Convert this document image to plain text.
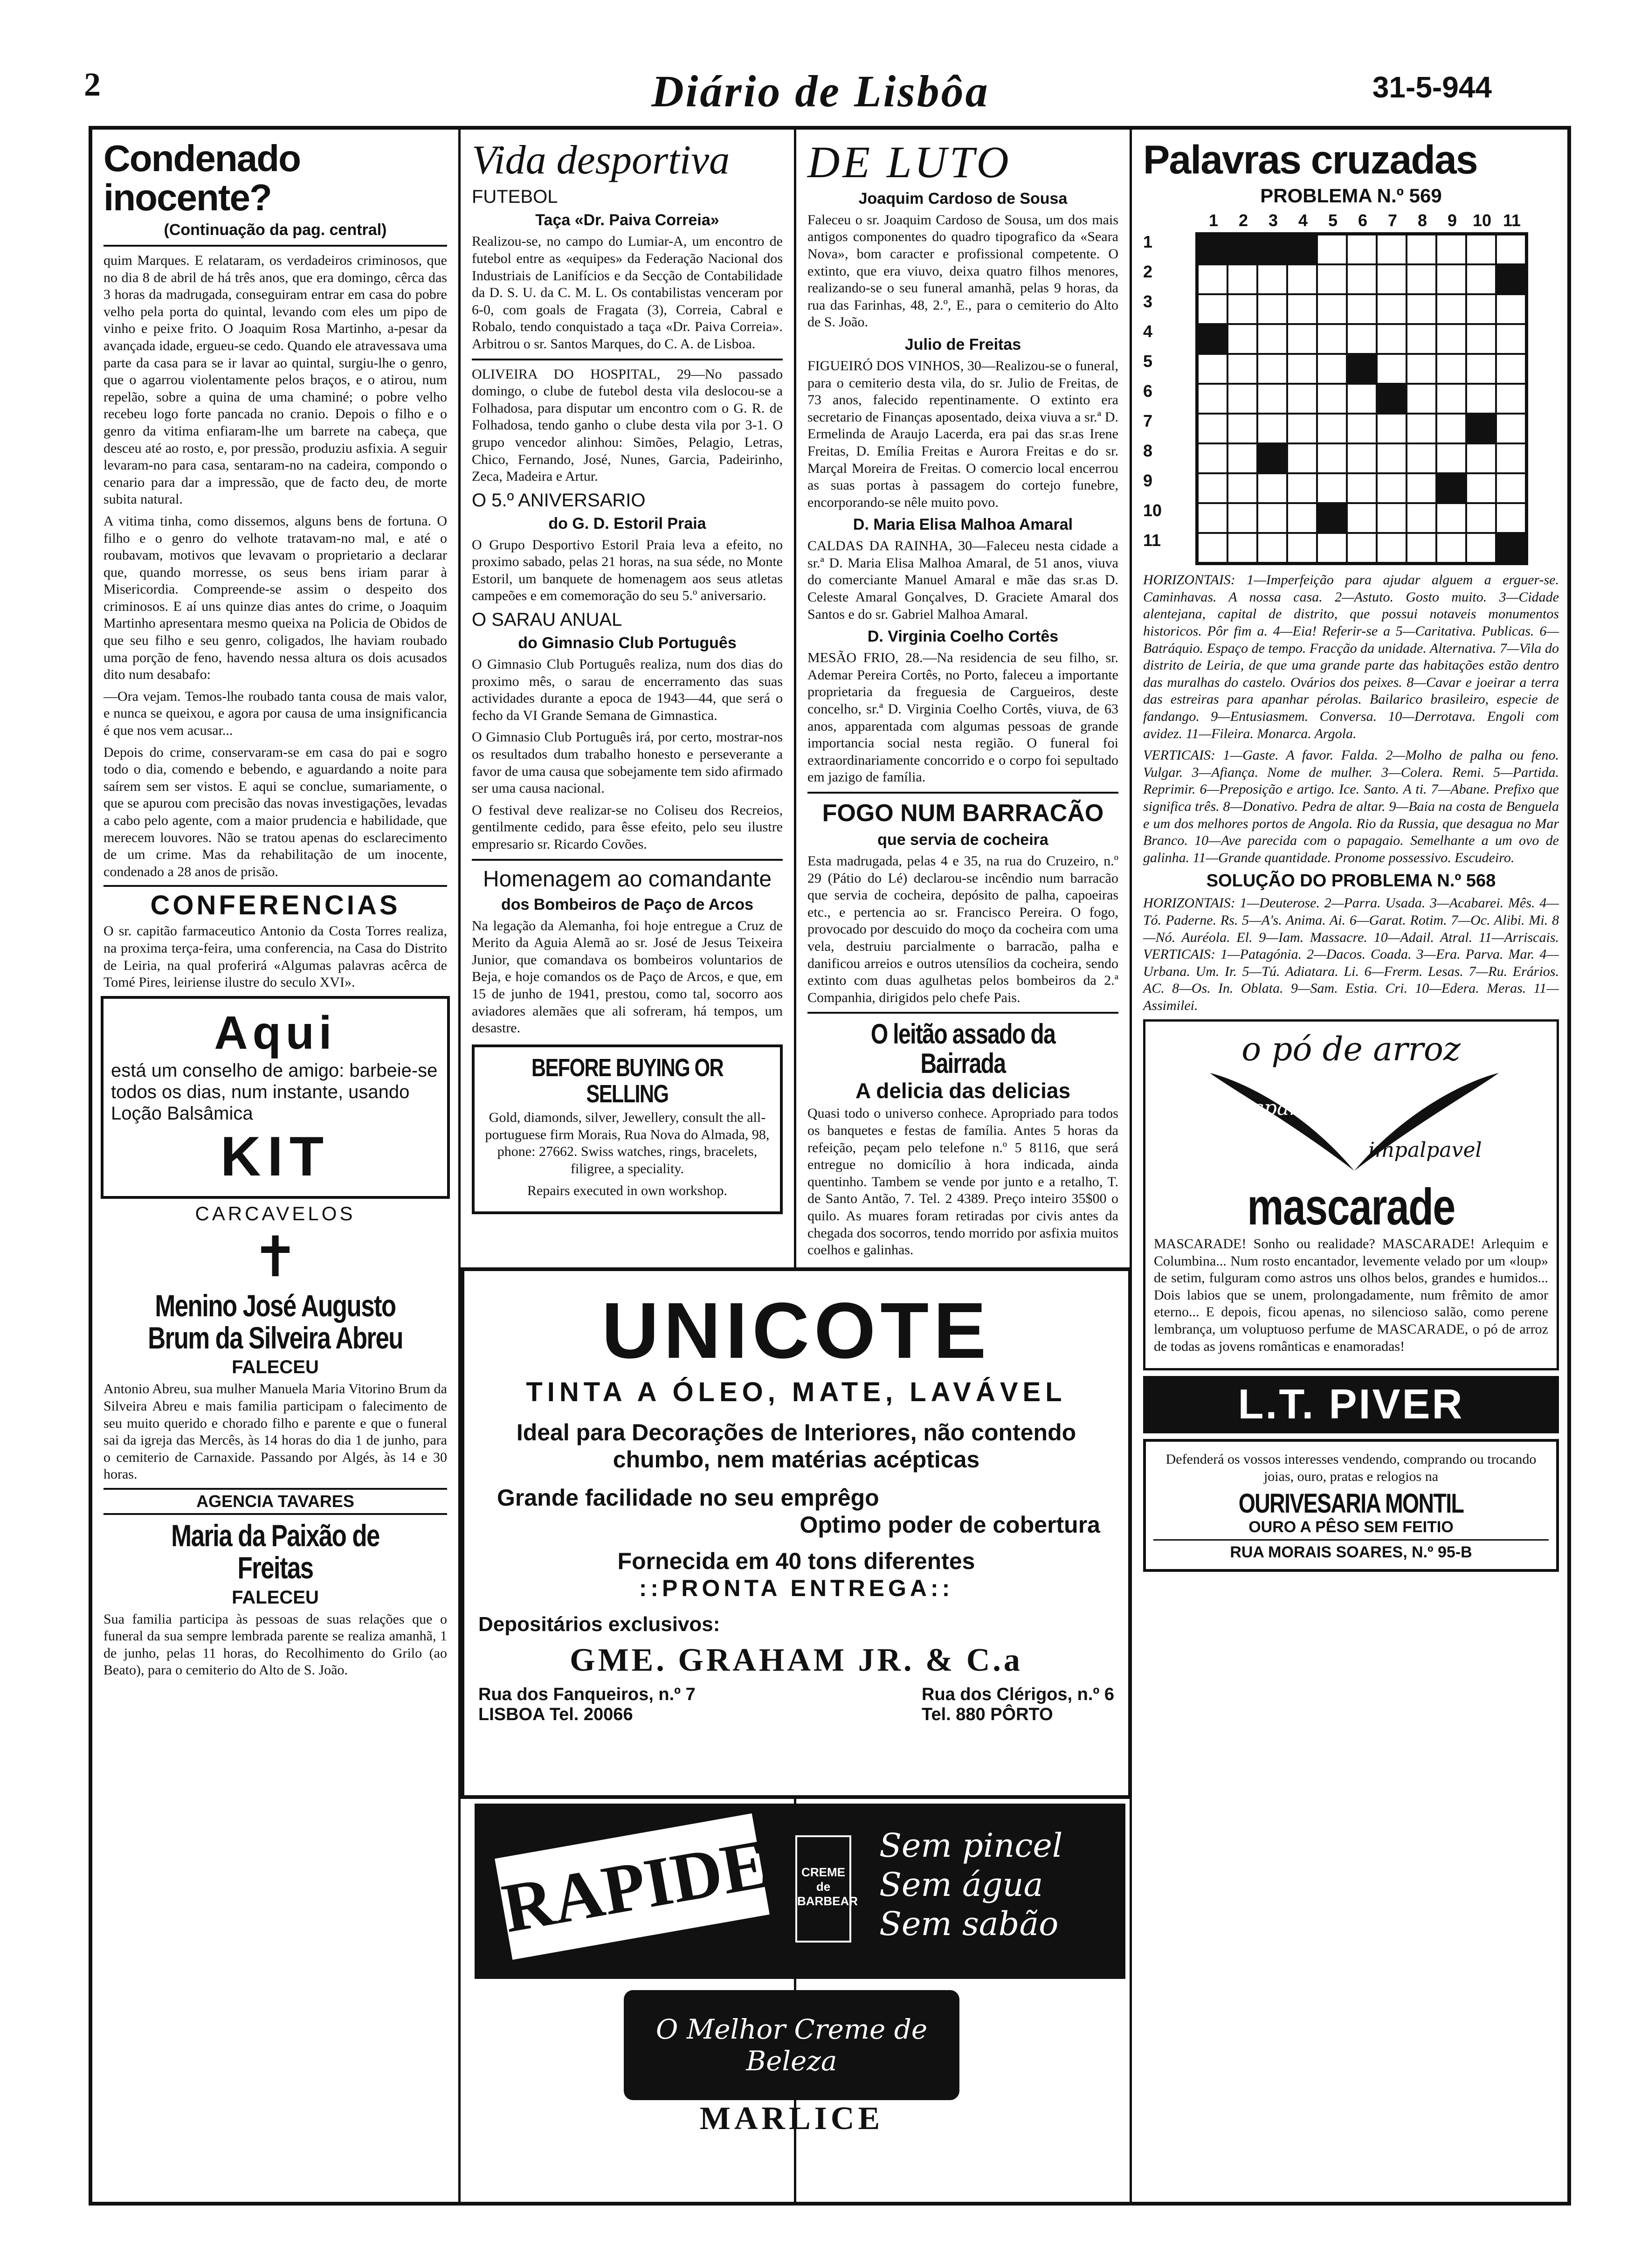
2	Diário de Lisbôa	31-5-944
Condenado inocente?
(Continuação da pag. central)

quim Marques. E relataram, os verdadeiros criminosos, que no dia 8 de abril de há três anos, que era domingo, cêrca das 3 horas da madrugada, conseguiram entrar em casa do pobre velho pela porta do quintal, levando com eles um pipo de vinho e peixe frito. O Joaquim Rosa Martinho, a-pesar da avançada idade, ergueu-se cedo. Quando ele atravessava uma parte da casa para se ir lavar ao quintal, surgiu-lhe o genro, que o agarrou violentamente pelos braços, e o atirou, num repelão, sobre a quina de uma chaminé; o pobre velho recebeu logo forte pancada no cranio. Depois o filho e o genro da vitima enfiaram-lhe um barrete na cabeça, que desceu até ao rosto, e, por pressão, produziu asfixia. A seguir levaram-no para casa, sentaram-no na cadeira, compondo o cenario para dar a impressão, que de facto deu, de morte subita natural.

A vitima tinha, como dissemos, alguns bens de fortuna. O filho e o genro do velhote tratavam-no mal, e até o roubavam, motivos que levavam o proprietario a declarar que, quando morresse, os seus bens iriam parar à Misericordia. Compreende-se assim o despeito dos criminosos. E aí uns quinze dias antes do crime, o Joaquim Martinho apresentara mesmo queixa na Policia de Obidos de que seu filho e seu genro, coligados, lhe haviam roubado uma porção de feno, havendo nessa altura os dois acusados dito num desabafo:

—Ora vejam. Temos-lhe roubado tanta cousa de mais valor, e nunca se queixou, e agora por causa de uma insignificancia é que nos vem acusar...

Depois do crime, conservaram-se em casa do pai e sogro todo o dia, comendo e bebendo, e aguardando a noite para saírem sem ser vistos. E aqui se conclue, sumariamente, o que se apurou com precisão das novas investigações, levadas a cabo pelo agente, com a maior prudencia e habilidade, que merecem louvores. Não se tratou apenas do esclarecimento de um crime. Mas da rehabilitação de um inocente, condenado a 28 anos de prisão.

CONFERENCIAS

O sr. capitão farmaceutico Antonio da Costa Torres realiza, na proxima terça-feira, uma conferencia, na Casa do Distrito de Leiria, na qual proferirá «Algumas palavras acêrca de Tomé Pires, leiriense ilustre do seculo XVI».

Aqui
está um conselho de amigo: barbeie-se todos os dias, num instante, usando Loção Balsâmica
KIT
CARCAVELOS
✝
Menino José Augusto Brum da Silveira Abreu
FALECEU

Antonio Abreu, sua mulher Manuela Maria Vitorino Brum da Silveira Abreu e mais familia participam o falecimento de seu muito querido e chorado filho e parente e que o funeral sai da igreja das Mercês, às 14 horas do dia 1 de junho, para o cemiterio de Carnaxide. Passando por Algés, às 14 e 30 horas.

AGENCIA TAVARES
Maria da Paixão de Freitas
FALECEU

Sua familia participa às pessoas de suas relações que o funeral da sua sempre lembrada parente se realiza amanhã, 1 de junho, pelas 11 horas, do Recolhimento do Grilo (ao Beato), para o cemiterio do Alto de S. João.

Vida desportiva
FUTEBOL
Taça «Dr. Paiva Correia»

Realizou-se, no campo do Lumiar-A, um encontro de futebol entre as «equipes» da Federação Nacional dos Industriais de Lanifícios e da Secção de Contabilidade da D. S. U. da C. M. L. Os contabilistas venceram por 6-0, com goals de Fragata (3), Correia, Cabral e Robalo, tendo conquistado a taça «Dr. Paiva Correia». Arbitrou o sr. Santos Marques, do C. A. de Lisboa.

OLIVEIRA DO HOSPITAL, 29—No passado domingo, o clube de futebol desta vila deslocou-se a Folhadosa, para disputar um encontro com o G. R. de Folhadosa, tendo ganho o clube desta vila por 3-1. O grupo vencedor alinhou: Simões, Pelagio, Letras, Chico, Fernando, José, Nunes, Garcia, Padeirinho, Zeca, Madeira e Artur.

O 5.º ANIVERSARIO
do G. D. Estoril Praia

O Grupo Desportivo Estoril Praia leva a efeito, no proximo sabado, pelas 21 horas, na sua séde, no Monte Estoril, um banquete de homenagem aos seus atletas campeões e em comemoração do seu 5.º aniversario.

O SARAU ANUAL
do Gimnasio Club Português

O Gimnasio Club Português realiza, num dos dias do proximo mês, o sarau de encerramento das suas actividades durante a epoca de 1943—44, que será o fecho da VI Grande Semana de Gimnastica.

O Gimnasio Club Português irá, por certo, mostrar-nos os resultados dum trabalho honesto e perseverante a favor de uma causa que sobejamente tem sido afirmado ser uma causa nacional.

O festival deve realizar-se no Coliseu dos Recreios, gentilmente cedido, para êsse efeito, pelo seu ilustre empresario sr. Ricardo Covões.

Homenagem ao comandante
dos Bombeiros de Paço de Arcos

Na legação da Alemanha, foi hoje entregue a Cruz de Merito da Aguia Alemã ao sr. José de Jesus Teixeira Junior, que comandava os bombeiros voluntarios de Beja, e hoje comandos os de Paço de Arcos, e que, em 15 de junho de 1941, prestou, como tal, socorro aos aviadores alemães que ali sofreram, há tempos, um desastre.

BEFORE BUYING OR SELLING

Gold, diamonds, silver, Jewellery, consult the all-portuguese firm Morais, Rua Nova do Almada, 98, phone: 27662. Swiss watches, rings, bracelets, filigree, a speciality.

Repairs executed in own workshop.

DE LUTO
Joaquim Cardoso de Sousa

Faleceu o sr. Joaquim Cardoso de Sousa, um dos mais antigos componentes do quadro tipografico da «Seara Nova», bom caracter e profissional competente. O extinto, que era viuvo, deixa quatro filhos menores, realizando-se o seu funeral amanhã, pelas 9 horas, da rua das Farinhas, 48, 2.º, E., para o cemiterio do Alto de S. João.

Julio de Freitas

FIGUEIRÓ DOS VINHOS, 30—Realizou-se o funeral, para o cemiterio desta vila, do sr. Julio de Freitas, de 73 anos, falecido repentinamente. O extinto era secretario de Finanças aposentado, deixa viuva a sr.ª D. Ermelinda de Araujo Lacerda, era pai das sr.as Irene Freitas, D. Emília Freitas e Aurora Freitas e do sr. Marçal Moreira de Freitas. O comercio local encerrou as suas portas à passagem do cortejo funebre, encorporando-se nêle muito povo.

D. Maria Elisa Malhoa Amaral

CALDAS DA RAINHA, 30—Faleceu nesta cidade a sr.ª D. Maria Elisa Malhoa Amaral, de 51 anos, viuva do comerciante Manuel Amaral e mãe das sr.as D. Celeste Amaral Gonçalves, D. Graciete Amaral dos Santos e do sr. Gabriel Malhoa Amaral.

D. Virginia Coelho Cortês

MESÃO FRIO, 28.—Na residencia de seu filho, sr. Ademar Pereira Cortês, no Porto, faleceu a importante proprietaria da freguesia de Cargueiros, deste concelho, sr.ª D. Virginia Coelho Cortês, viuva, de 63 anos, apparentada com algumas pessoas de grande importancia social nesta região. O funeral foi extraordinariamente concorrido e o corpo foi sepultado em jazigo de família.

FOGO NUM BARRACÃO
que servia de cocheira

Esta madrugada, pelas 4 e 35, na rua do Cruzeiro, n.º 29 (Pátio do Lé) declarou-se incêndio num barracão que servia de cocheira, depósito de palha, capoeiras etc., e pertencia ao sr. Francisco Pereira. O fogo, provocado por descuido do moço da cocheira com uma vela, destruiu parcialmente o barracão, palha e danificou arreios e outros utensílios da cocheira, sendo extinto com duas agulhetas pelos bombeiros da 2.ª Companhia, dirigidos pelo chefe Pais.

O leitão assado da Bairrada
A delicia das delicias

Quasi todo o universo conhece. Apropriado para todos os banquetes e festas de família. Antes 5 horas da refeição, peçam pelo telefone n.º 5 8116, que será entregue no domicílio à hora indicada, ainda quentinho. Tambem se vende por junto e a retalho, T. de Santo Antão, 7. Tel. 2 4389. Preço inteiro 35$00 o quilo. As muares foram retiradas por civis antes da chegada dos socorros, tendo morrido por asfixia muitos coelhos e galinhas.

Palavras cruzadas
PROBLEMA N.º 569
1	2	3	4	5	6	7	8	9 10 11
1
2
3
4
5
6
7
8
9
10
11

HORIZONTAIS: 1—Imperfeição para ajudar alguem a erguer-se. Caminhavas. A nossa casa. 2—Astuto. Gosto muito. 3—Cidade alentejana, capital de distrito, que possui notaveis monumentos historicos. Pôr fim a. 4—Eia! Referir-se a 5—Caritativa. Publicas. 6—Batráquio. Espaço de tempo. Fracção da unidade. Alternativa. 7—Vila do distrito de Leiria, de que uma grande parte das habitações estão dentro das muralhas do castelo. Ovários dos peixes. 8—Cavar e joeirar a terra das estreiras para apanhar pérolas. Bailarico brasileiro, especie de fandango. 9—Entusiasmem. Conversa. 10—Derrotava. Engoli com avidez. 11—Fileira. Monarca. Argola.

VERTICAIS: 1—Gaste. A favor. Falda. 2—Molho de palha ou feno. Vulgar. 3—Afiança. Nome de mulher. 3—Colera. Remi. 5—Partida. Reprimir. 6—Preposição e artigo. Ice. Santo. A ti. 7—Abane. Prefixo que significa três. 8—Donativo. Pedra de altar. 9—Baia na costa de Benguela e um dos melhores portos de Angola. Rio da Russia, que desagua no Mar Branco. 10—Ave parecida com o papagaio. Semelhante a um ovo de galinha. 11—Grande quantidade. Pronome possessivo. Escudeiro.

SOLUÇÃO DO PROBLEMA N.º 568

HORIZONTAIS: 1—Deuterose. 2—Parra. Usada. 3—Acabarei. Mês. 4—Tó. Paderne. Rs. 5—A's. Anima. Ai. 6—Garat. Rotim. 7—Oc. Alibi. Mi. 8—Nó. Auréola. El. 9—Iam. Massacre. 10—Adail. Atral. 11—Arriscais. VERTICAIS: 1—Patagónia. 2—Dacos. Coada. 3—Era. Parva. Mar. 4—Urbana. Um. Ir. 5—Tú. Adiatara. Li. 6—Frerm. Lesas. 7—Ru. Erários. AC. 8—Os. In. Oblata. 9—Sam. Estia. Cri. 10—Edera. Meras. 11—Assimilei.

o pó de arroz
transparente
impalpavel
mascarade

MASCARADE! Sonho ou realidade? MASCARADE! Arlequim e Columbina... Num rosto encantador, levemente velado por um «loup» de setim, fulguram como astros uns olhos belos, grandes e humidos... Dois labios que se unem, prolongadamente, num frêmito de amor eterno... E depois, ficou apenas, no silencioso salão, como perene lembrança, um voluptuoso perfume de MASCARADE, o pó de arroz de todas as jovens românticas e enamoradas!

L.T. PIVER
Defenderá os vossos interesses vendendo, comprando ou trocando joias, ouro, pratas e relogios na
OURIVESARIA MONTIL
OURO A PÊSO SEM FEITIO
RUA MORAIS SOARES, N.º 95-B
UNICOTE
TINTA A ÓLEO, MATE, LAVÁVEL
Ideal para Decorações de Interiores, não contendo chumbo, nem matérias acépticas
Grande facilidade no seu emprêgo
Optimo poder de cobertura
Fornecida em 40 tons diferentes
::PRONTA ENTREGA::
Depositários exclusivos:
GME. GRAHAM JR. & C.a
Rua dos Fanqueiros, n.º 7
LISBOA Tel. 20066
Rua dos Clérigos, n.º 6
Tel. 880 PÔRTO
RAPIDE	CREME de BARBEAR
Sem pincel
Sem água
Sem sabão
O Melhor Creme de Beleza
MARLICE
